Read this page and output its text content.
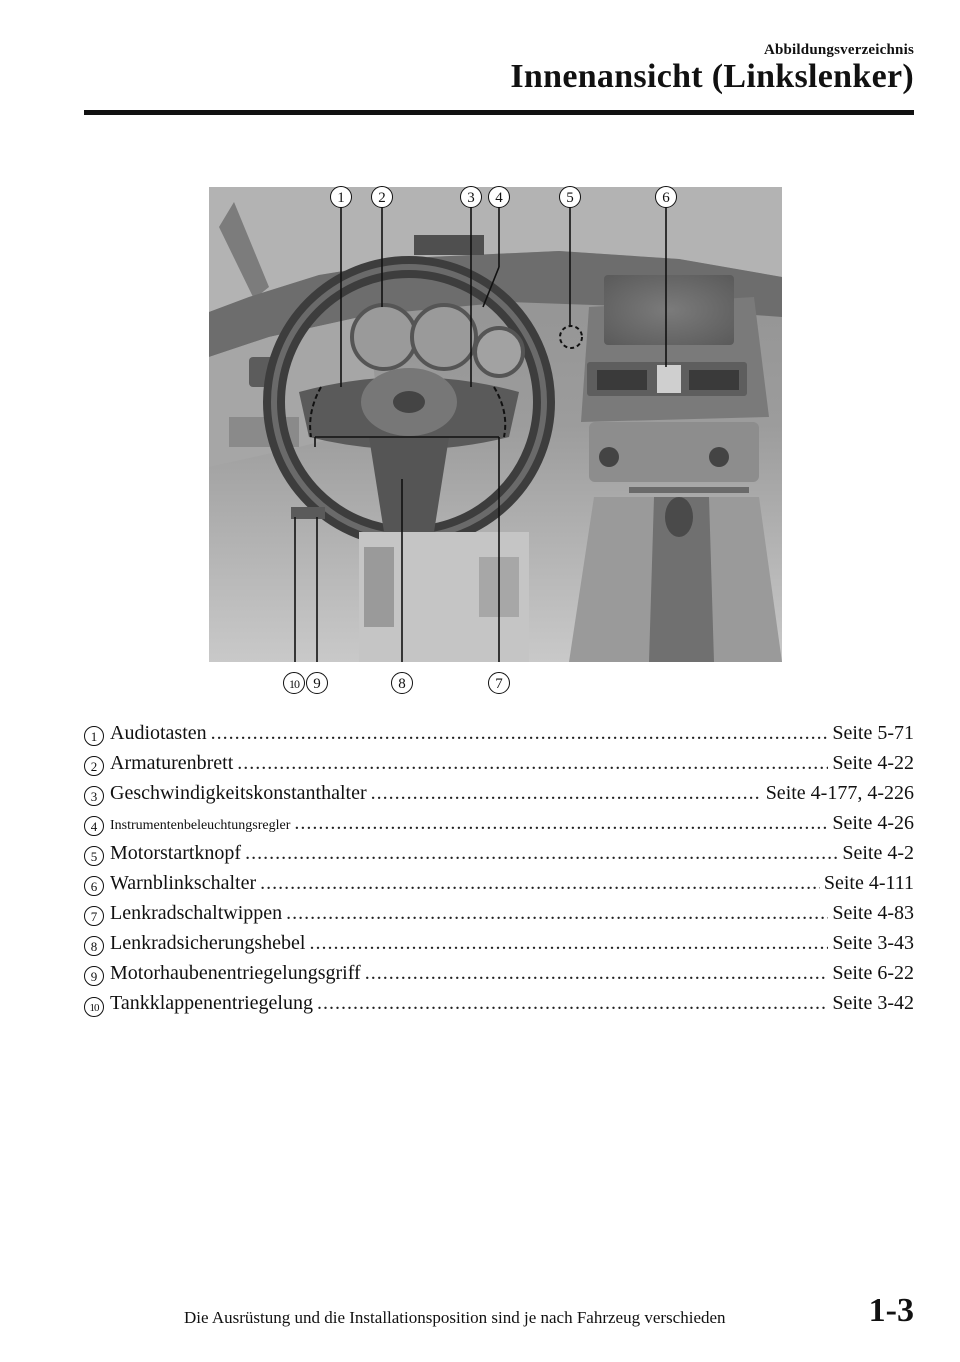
Abbildungsverzeichnis
Innenansicht (Linkslenker)
1	2	3	4	5	6
7
8
9
10
1 Audiotasten .....	Seite 5-71
2 Armaturenbrett .....	Seite 4-22
3 Geschwindigkeitskonstanthalter .....	Seite 4-177, 4-226
4 Instrumentenbeleuchtungsregler .....	Seite 4-26
5 Motorstartknopf .....	Seite 4-2
6 Warnblinkschalter .....	Seite 4-111
7 Lenkradschaltwippen .....	Seite 4-83
8 Lenkradsicherungshebel .....	Seite 3-43
9 Motorhaubenentriegelungsgriff .....	Seite 6-22
10 Tankklappenentriegelung .....	Seite 3-42
Die Ausrüstung und die Installationsposition sind je nach Fahrzeug verschieden	1-3
